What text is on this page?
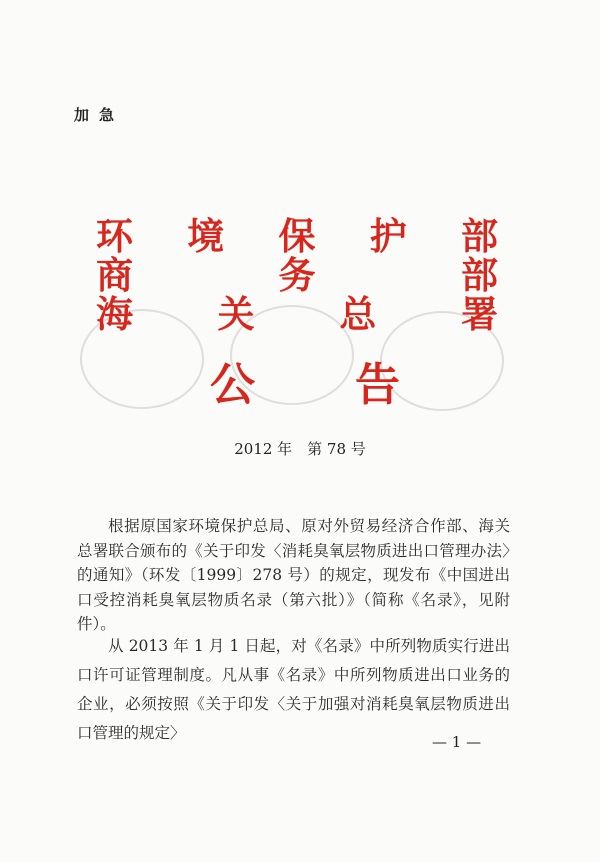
加急
环 境 保 护 部
商	务	部
海 关 总 署
公 告
2012 年　第 78 号

根据原国家环境保护总局、原对外贸易经济合作部、海关总署联合颁布的《关于印发〈消耗臭氧层物质进出口管理办法〉的通知》（环发〔1999〕278 号）的规定，现发布《中国进出口受控消耗臭氧层物质名录（第六批）》（简称《名录》，见附件）。

从 2013 年 1 月 1 日起，对《名录》中所列物质实行进出口许可证管理制度。凡从事《名录》中所列物质进出口业务的企业，必须按照《关于印发〈关于加强对消耗臭氧层物质进出口管理的规定〉	— 1 —
